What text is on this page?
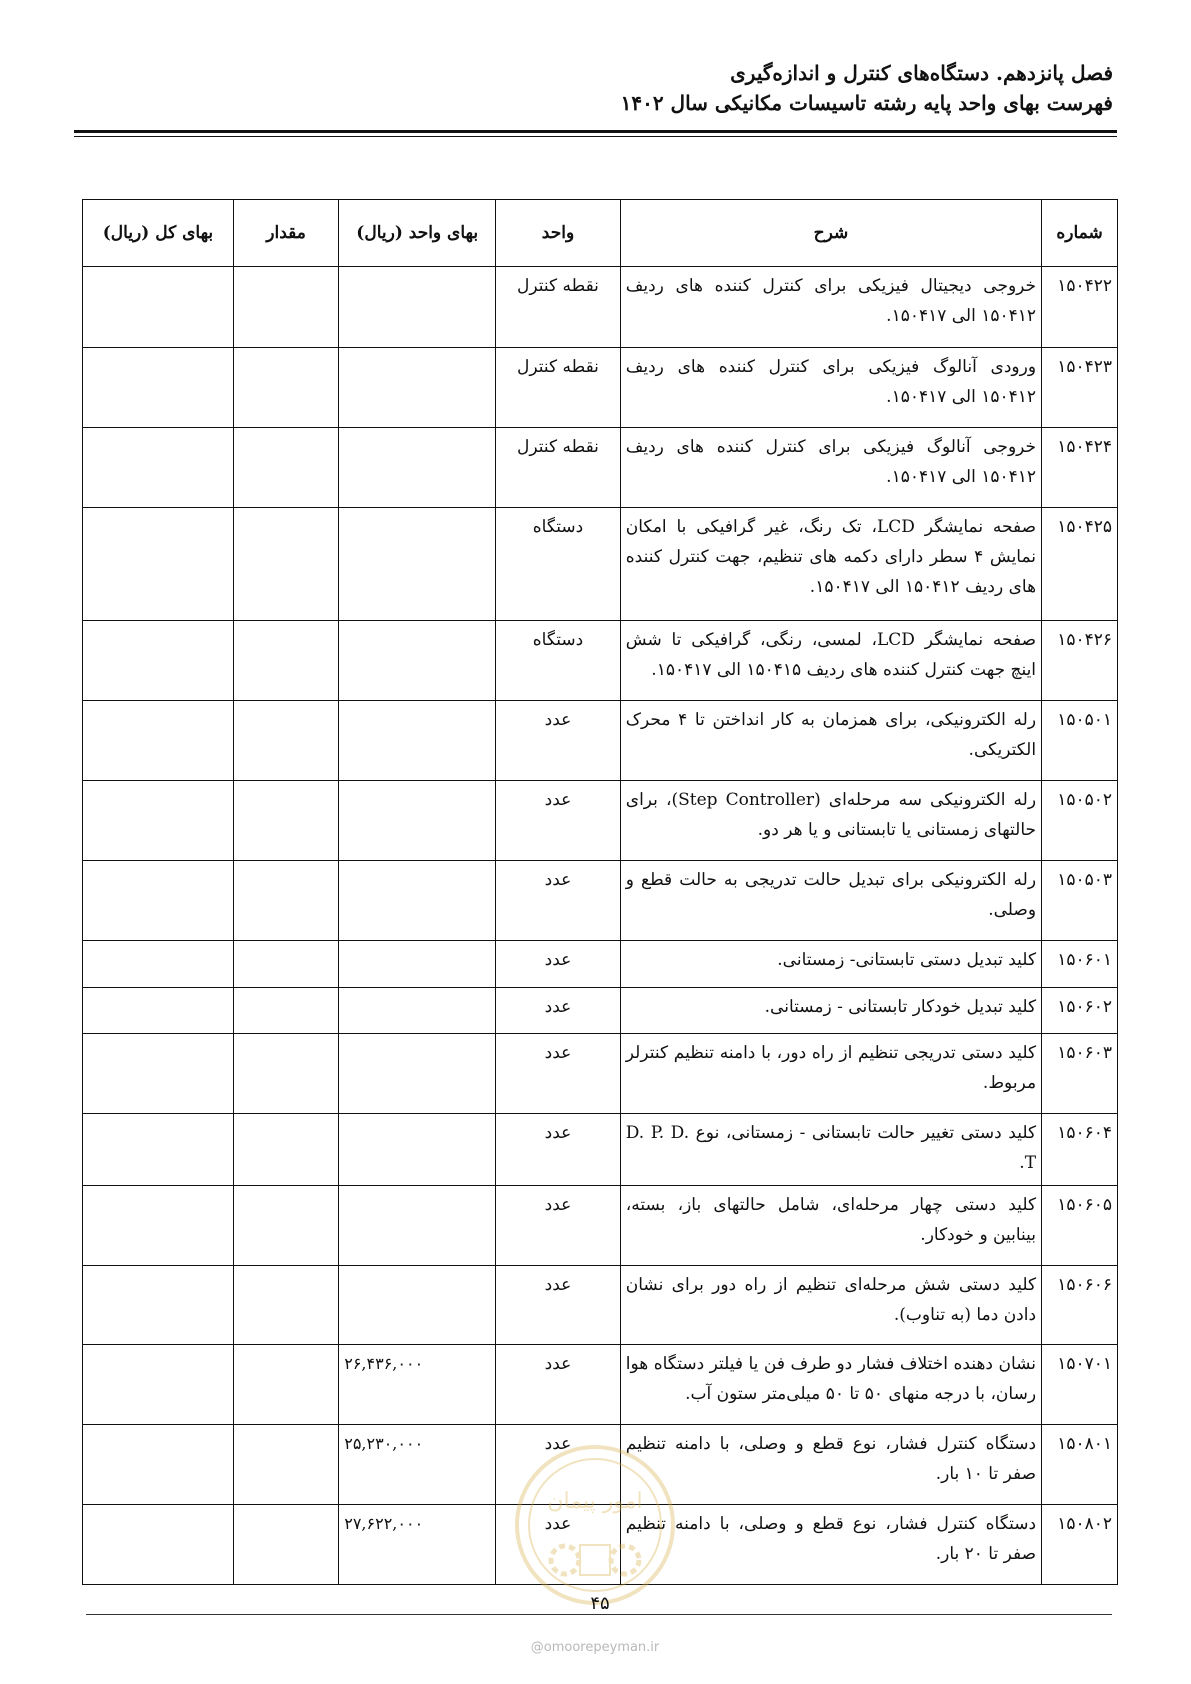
فصل پانزدهم. دستگاه‌های کنترل و اندازه‌گیری
فهرست بهای واحد پایه رشته تاسیسات مکانیکی سال ۱۴۰۲
شماره	شرح	واحد	بهای واحد (ریال)	مقدار	بهای کل (ریال)
۱۵۰۴۲۲	خروجی دیجیتال فیزیکی برای کنترل کننده های ردیف ۱۵۰۴۱۲ الی ۱۵۰۴۱۷.	نقطه کنترل			
۱۵۰۴۲۳	ورودی آنالوگ فیزیکی برای کنترل کننده های ردیف ۱۵۰۴۱۲ الی ۱۵۰۴۱۷.	نقطه کنترل			
۱۵۰۴۲۴	خروجی آنالوگ فیزیکی برای کنترل کننده های ردیف ۱۵۰۴۱۲ الی ۱۵۰۴۱۷.	نقطه کنترل			
۱۵۰۴۲۵	صفحه نمایشگر LCD، تک رنگ، غیر گرافیکی با امکان نمایش ۴ سطر دارای دکمه های تنظیم، جهت کنترل کننده های ردیف ۱۵۰۴۱۲ الی ۱۵۰۴۱۷.	دستگاه			
۱۵۰۴۲۶	صفحه نمایشگر LCD، لمسی، رنگی، گرافیکی تا شش اینچ جهت کنترل کننده های ردیف ۱۵۰۴۱۵ الی ۱۵۰۴۱۷.	دستگاه			
۱۵۰۵۰۱	رله الکترونیکی، برای همزمان به کار انداختن تا ۴ محرک الکتریکی.	عدد			
۱۵۰۵۰۲	رله الکترونیکی سه مرحله‌ای (Step Controller)، برای حالتهای زمستانی یا تابستانی و یا هر دو.	عدد			
۱۵۰۵۰۳	رله الکترونیکی برای تبدیل حالت تدریجی به حالت قطع و وصلی.	عدد			
۱۵۰۶۰۱	کلید تبدیل دستی تابستانی- زمستانی.	عدد			
۱۵۰۶۰۲	کلید تبدیل خودکار تابستانی - زمستانی.	عدد			
۱۵۰۶۰۳	کلید دستی تدریجی تنظیم از راه دور، با دامنه تنظیم کنترلر مربوط.	عدد			
۱۵۰۶۰۴	کلید دستی تغییر حالت تابستانی - زمستانی، نوع D. P. D. T.	عدد			
۱۵۰۶۰۵	کلید دستی چهار مرحله‌ای، شامل حالتهای باز، بسته، بینابین و خودکار.	عدد			
۱۵۰۶۰۶	کلید دستی شش مرحله‌ای تنظیم از راه دور برای نشان دادن دما (به تناوب).	عدد			
۱۵۰۷۰۱	نشان دهنده اختلاف فشار دو طرف فن یا فیلتر دستگاه هوا رسان، با درجه منهای ۵۰ تا ۵۰ میلی‌متر ستون آب.	عدد	۲۶,۴۳۶,۰۰۰		
۱۵۰۸۰۱	دستگاه کنترل فشار، نوع قطع و وصلی، با دامنه تنظیم صفر تا ۱۰ بار.	عدد	۲۵,۲۳۰,۰۰۰		
۱۵۰۸۰۲	دستگاه کنترل فشار، نوع قطع و وصلی، با دامنه تنظیم صفر تا ۲۰ بار.	عدد	۲۷,۶۲۲,۰۰۰		
امور پیمان
۴۵
@omoorepeyman.ir
